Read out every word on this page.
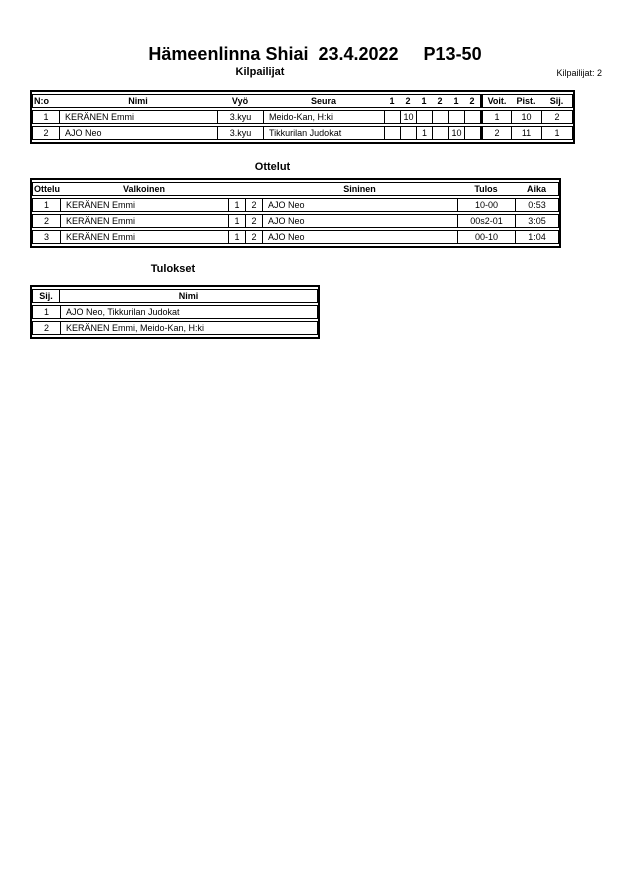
Hämeenlinna Shiai  23.4.2022     P13-50
Kilpailijat	Kilpailijat: 2
N:o	Nimi	Vyö	Seura	1	2	1	2	1	2	Voit.	Pist.	Sij.
1	KERÄNEN Emmi	3.kyu	Meido-Kan, H:ki		10					1	10	2
2	AJO Neo	3.kyu	Tikkurilan Judokat			1		10		2	11	1
Ottelut
Ottelu	Valkoinen			Sininen	Tulos	Aika
1	KERÄNEN Emmi	1	2	AJO Neo	10-00	0:53
2	KERÄNEN Emmi	1	2	AJO Neo	00s2-01	3:05
3	KERÄNEN Emmi	1	2	AJO Neo	00-10	1:04
Tulokset
Sij.	Nimi
1	AJO Neo, Tikkurilan Judokat
2	KERÄNEN Emmi, Meido-Kan, H:ki
